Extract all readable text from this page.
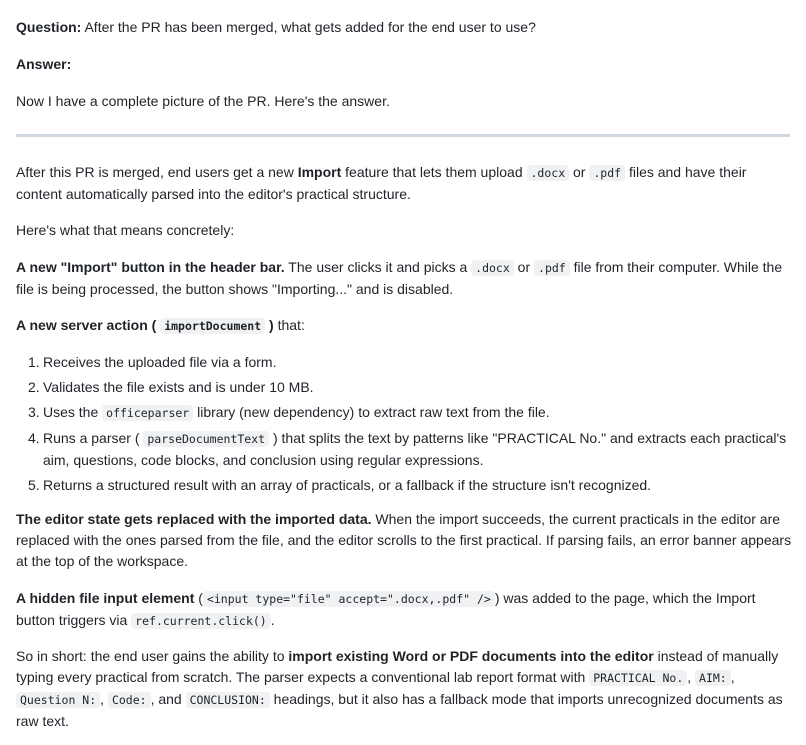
Question: After the PR has been merged, what gets added for the end user to use?

Answer:

Now I have a complete picture of the PR. Here's the answer.

After this PR is merged, end users get a new Import feature that lets them upload .docx or .pdf files and have their content automatically parsed into the editor's practical structure.

Here's what that means concretely:

A new "Import" button in the header bar. The user clicks it and picks a .docx or .pdf file from their computer. While the file is being processed, the button shows "Importing..." and is disabled.

A new server action ( importDocument ) that:

1. Receives the uploaded file via a form.
2. Validates the file exists and is under 10 MB.
3. Uses the officeparser library (new dependency) to extract raw text from the file.
4. Runs a parser ( parseDocumentText ) that splits the text by patterns like "PRACTICAL No." and extracts each practical's aim, questions, code blocks, and conclusion using regular expressions.
5. Returns a structured result with an array of practicals, or a fallback if the structure isn't recognized.

The editor state gets replaced with the imported data. When the import succeeds, the current practicals in the editor are replaced with the ones parsed from the file, and the editor scrolls to the first practical. If parsing fails, an error banner appears at the top of the workspace.

A hidden file input element ( <input type="file" accept=".docx,.pdf" /> ) was added to the page, which the Import button triggers via ref.current.click() .

So in short: the end user gains the ability to import existing Word or PDF documents into the editor instead of manually typing every practical from scratch. The parser expects a conventional lab report format with PRACTICAL No. , AIM: , Question N: , Code: , and CONCLUSION: headings, but it also has a fallback mode that imports unrecognized documents as raw text.
